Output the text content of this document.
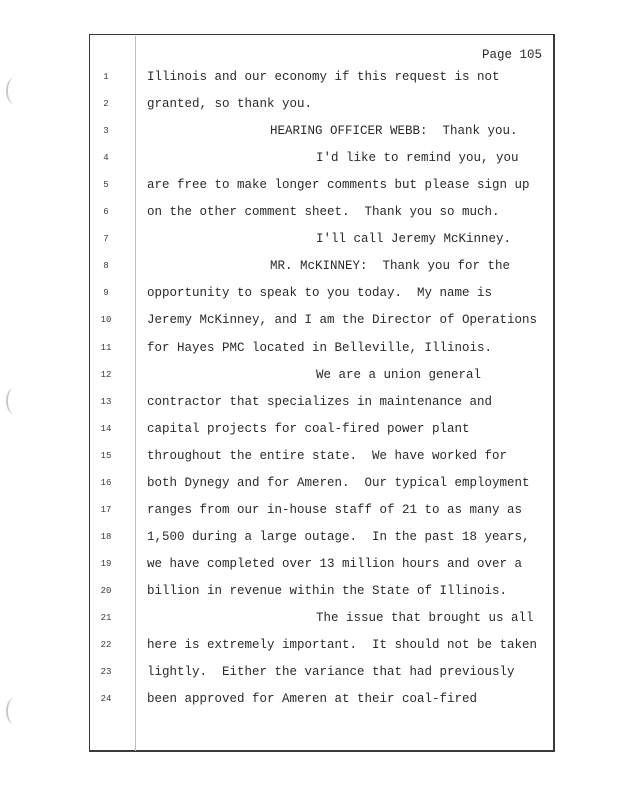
Page 105
1	Illinois and our economy if this request is not
2	granted, so thank you.
3	HEARING OFFICER WEBB:  Thank you.
4	I'd like to remind you, you
5	are free to make longer comments but please sign up
6	on the other comment sheet.  Thank you so much.
7	I'll call Jeremy McKinney.
8	MR. McKINNEY:  Thank you for the
9	opportunity to speak to you today.  My name is
10	Jeremy McKinney, and I am the Director of Operations
11	for Hayes PMC located in Belleville, Illinois.
12	We are a union general
13	contractor that specializes in maintenance and
14	capital projects for coal-fired power plant
15	throughout the entire state.  We have worked for
16	both Dynegy and for Ameren.  Our typical employment
17	ranges from our in-house staff of 21 to as many as
18	1,500 during a large outage.  In the past 18 years,
19	we have completed over 13 million hours and over a
20	billion in revenue within the State of Illinois.
21	The issue that brought us all
22	here is extremely important.  It should not be taken
23	lightly.  Either the variance that had previously
24	been approved for Ameren at their coal-fired
